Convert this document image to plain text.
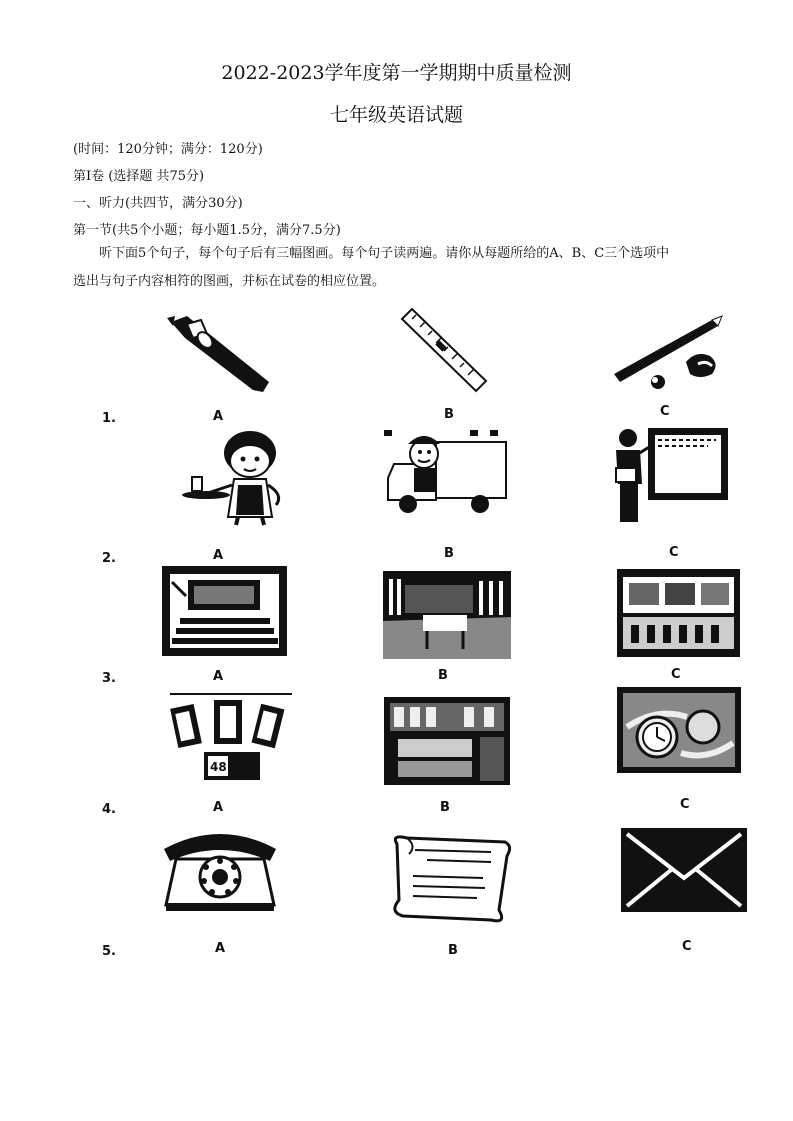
2022-2023学年度第一学期期中质量检测
七年级英语试题
(时间：120分钟；满分：120分)
第Ⅰ卷 (选择题 共75分)
一、听力(共四节，满分30分)
第一节(共5个小题；每小题1.5分，满分7.5分)
听下面5个句子，每个句子后有三幅图画。每个句子读两遍。请你从每题所给的A、B、C三个选项中
选出与句子内容相符的图画，并标在试卷的相应位置。
1.	A	B	C
2.	A	B	C
3.	A	B	C
48
4.	A	B	C
5.	A	B	C
